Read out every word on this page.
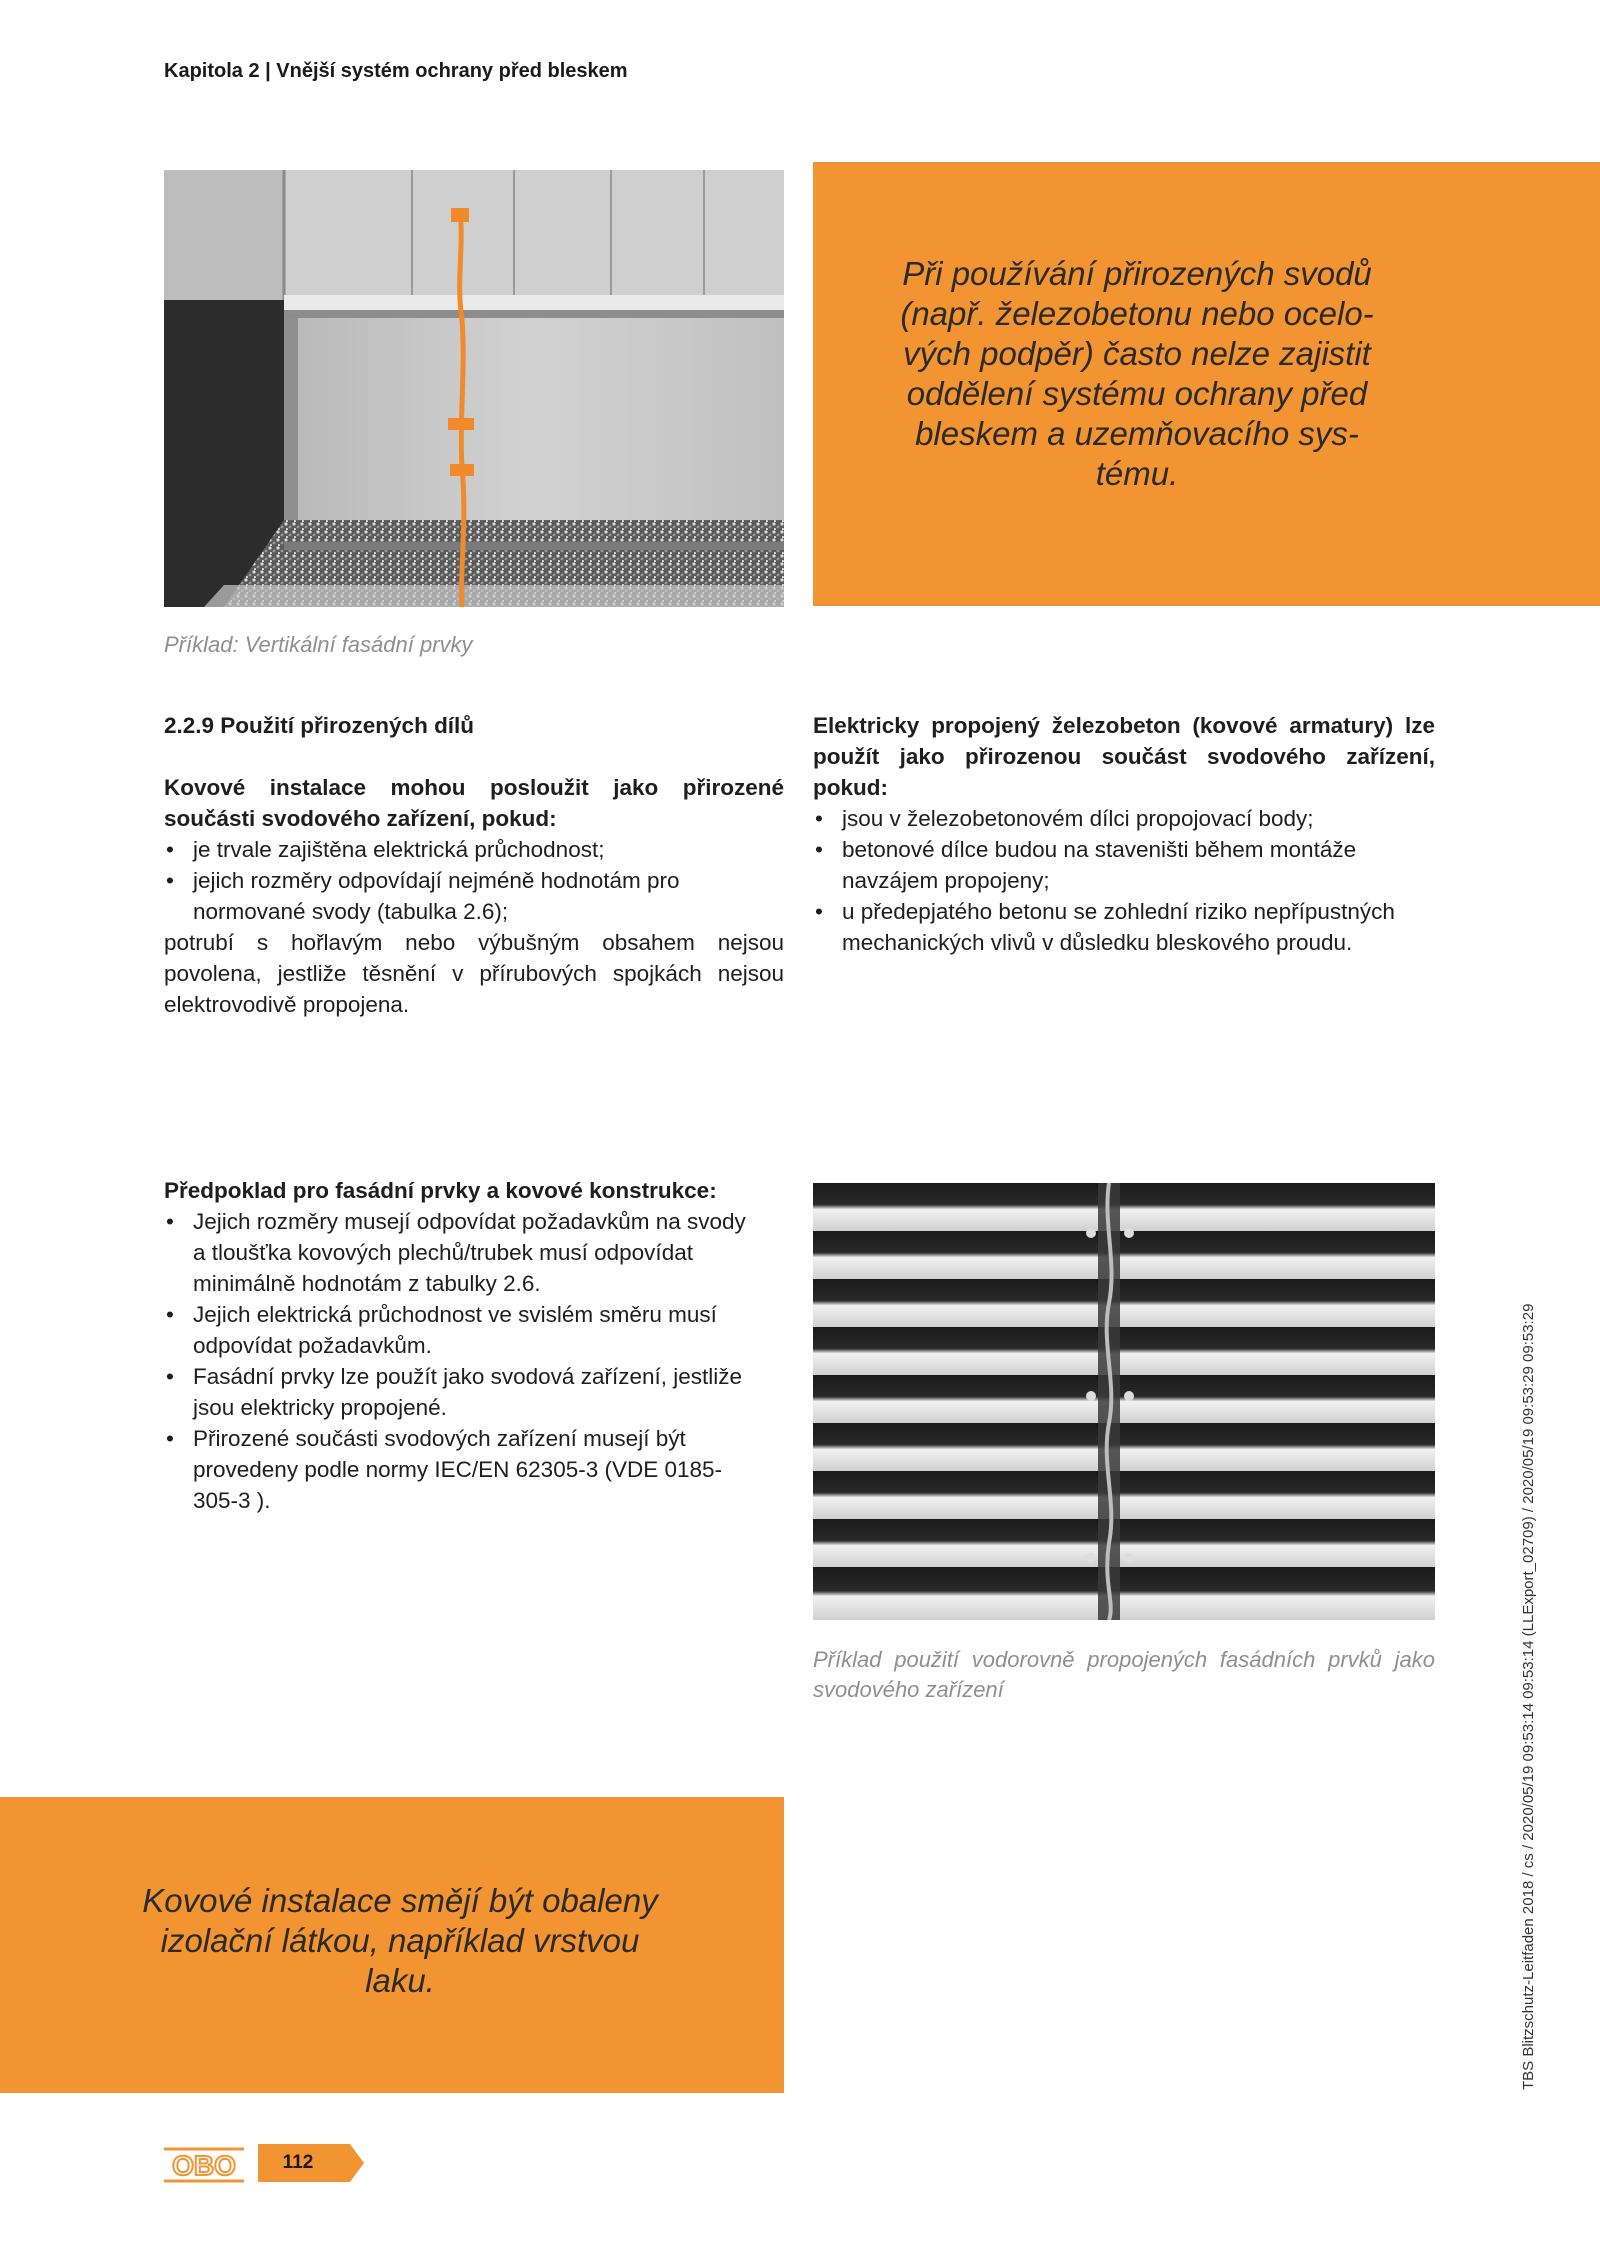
Kapitola 2 | Vnější systém ochrany před bleskem
Při používání přirozených svodů
(např. železobetonu nebo ocelo-
vých podpěr) často nelze zajistit
oddělení systému ochrany před
bleskem a uzemňovacího sys-
tému.
Příklad: Vertikální fasádní prvky

2.2.9 Použití přirozených dílů

Kovové instalace mohou posloužit jako přirozené součásti svodového zařízení, pokud:

• je trvale zajištěna elektrická průchodnost;
• jejich rozměry odpovídají nejméně hodnotám pro normované svody (tabulka 2.6);

potrubí s hořlavým nebo výbušným obsahem nejsou povolena, jestliže těsnění v přírubových spojkách nejsou elektrovodivě propojena.

Elektricky propojený železobeton (kovové armatury) lze použít jako přirozenou součást svodového zařízení, pokud:

• jsou v železobetonovém dílci propojovací body;
• betonové dílce budou na staveništi během montáže navzájem propojeny;
• u předepjatého betonu se zohlední riziko nepřípustných mechanických vlivů v důsledku bleskového proudu.

Předpoklad pro fasádní prvky a kovové konstrukce:

• Jejich rozměry musejí odpovídat požadavkům na svody a tloušťka kovových plechů/trubek musí odpovídat minimálně hodnotám z tabulky 2.6.
• Jejich elektrická průchodnost ve svislém směru musí odpovídat požadavkům.
• Fasádní prvky lze použít jako svodová zařízení, jestliže jsou elektricky propojené.
• Přirozené součásti svodových zařízení musejí být provedeny podle normy IEC/EN 62305-3 (VDE 0185-305-3 ).
Příklad použití vodorovně propojených fasádních prvků jako svodového zařízení
Kovové instalace smějí být obaleny
izolační látkou, například vrstvou
laku.
OBO	112
TBS Blitzschutz-Leitfaden 2018 / cs / 2020/05/19 09:53:14 09:53:14 (LLExport_02709) / 2020/05/19 09:53:29 09:53:29
